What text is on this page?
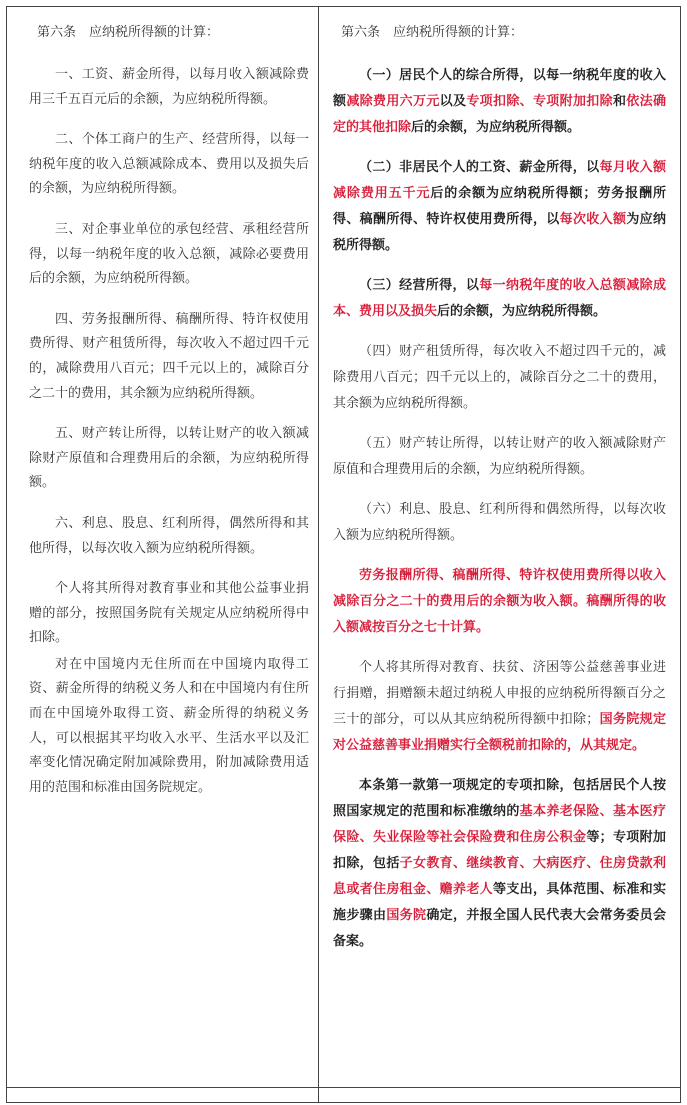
第六条　应纳税所得额的计算：

一、工资、薪金所得，以每月收入额减除费用三千五百元后的余额，为应纳税所得额。

二、个体工商户的生产、经营所得，以每一纳税年度的收入总额减除成本、费用以及损失后的余额，为应纳税所得额。

三、对企事业单位的承包经营、承租经营所得，以每一纳税年度的收入总额，减除必要费用后的余额，为应纳税所得额。

四、劳务报酬所得、稿酬所得、特许权使用费所得、财产租赁所得，每次收入不超过四千元的，减除费用八百元；四千元以上的，减除百分之二十的费用，其余额为应纳税所得额。

五、财产转让所得，以转让财产的收入额减除财产原值和合理费用后的余额，为应纳税所得额。

六、利息、股息、红利所得，偶然所得和其他所得，以每次收入额为应纳税所得额。

个人将其所得对教育事业和其他公益事业捐赠的部分，按照国务院有关规定从应纳税所得中扣除。

对在中国境内无住所而在中国境内取得工资、薪金所得的纳税义务人和在中国境内有住所而在中国境外取得工资、薪金所得的纳税义务人，可以根据其平均收入水平、生活水平以及汇率变化情况确定附加减除费用，附加减除费用适用的范围和标准由国务院规定。

第六条　应纳税所得额的计算：

（一）居民个人的综合所得，以每一纳税年度的收入额减除费用六万元以及专项扣除、专项附加扣除和依法确定的其他扣除后的余额，为应纳税所得额。

（二）非居民个人的工资、薪金所得，以每月收入额减除费用五千元后的余额为应纳税所得额；劳务报酬所得、稿酬所得、特许权使用费所得，以每次收入额为应纳税所得额。

（三）经营所得，以每一纳税年度的收入总额减除成本、费用以及损失后的余额，为应纳税所得额。

（四）财产租赁所得，每次收入不超过四千元的，减除费用八百元；四千元以上的，减除百分之二十的费用，其余额为应纳税所得额。

（五）财产转让所得，以转让财产的收入额减除财产原值和合理费用后的余额，为应纳税所得额。

（六）利息、股息、红利所得和偶然所得，以每次收入额为应纳税所得额。

劳务报酬所得、稿酬所得、特许权使用费所得以收入减除百分之二十的费用后的余额为收入额。稿酬所得的收入额减按百分之七十计算。

个人将其所得对教育、扶贫、济困等公益慈善事业进行捐赠，捐赠额未超过纳税人申报的应纳税所得额百分之三十的部分，可以从其应纳税所得额中扣除；国务院规定对公益慈善事业捐赠实行全额税前扣除的，从其规定。

本条第一款第一项规定的专项扣除，包括居民个人按照国家规定的范围和标准缴纳的基本养老保险、基本医疗保险、失业保险等社会保险费和住房公积金等；专项附加扣除，包括子女教育、继续教育、大病医疗、住房贷款利息或者住房租金、赡养老人等支出，具体范围、标准和实施步骤由国务院确定，并报全国人民代表大会常务委员会备案。
